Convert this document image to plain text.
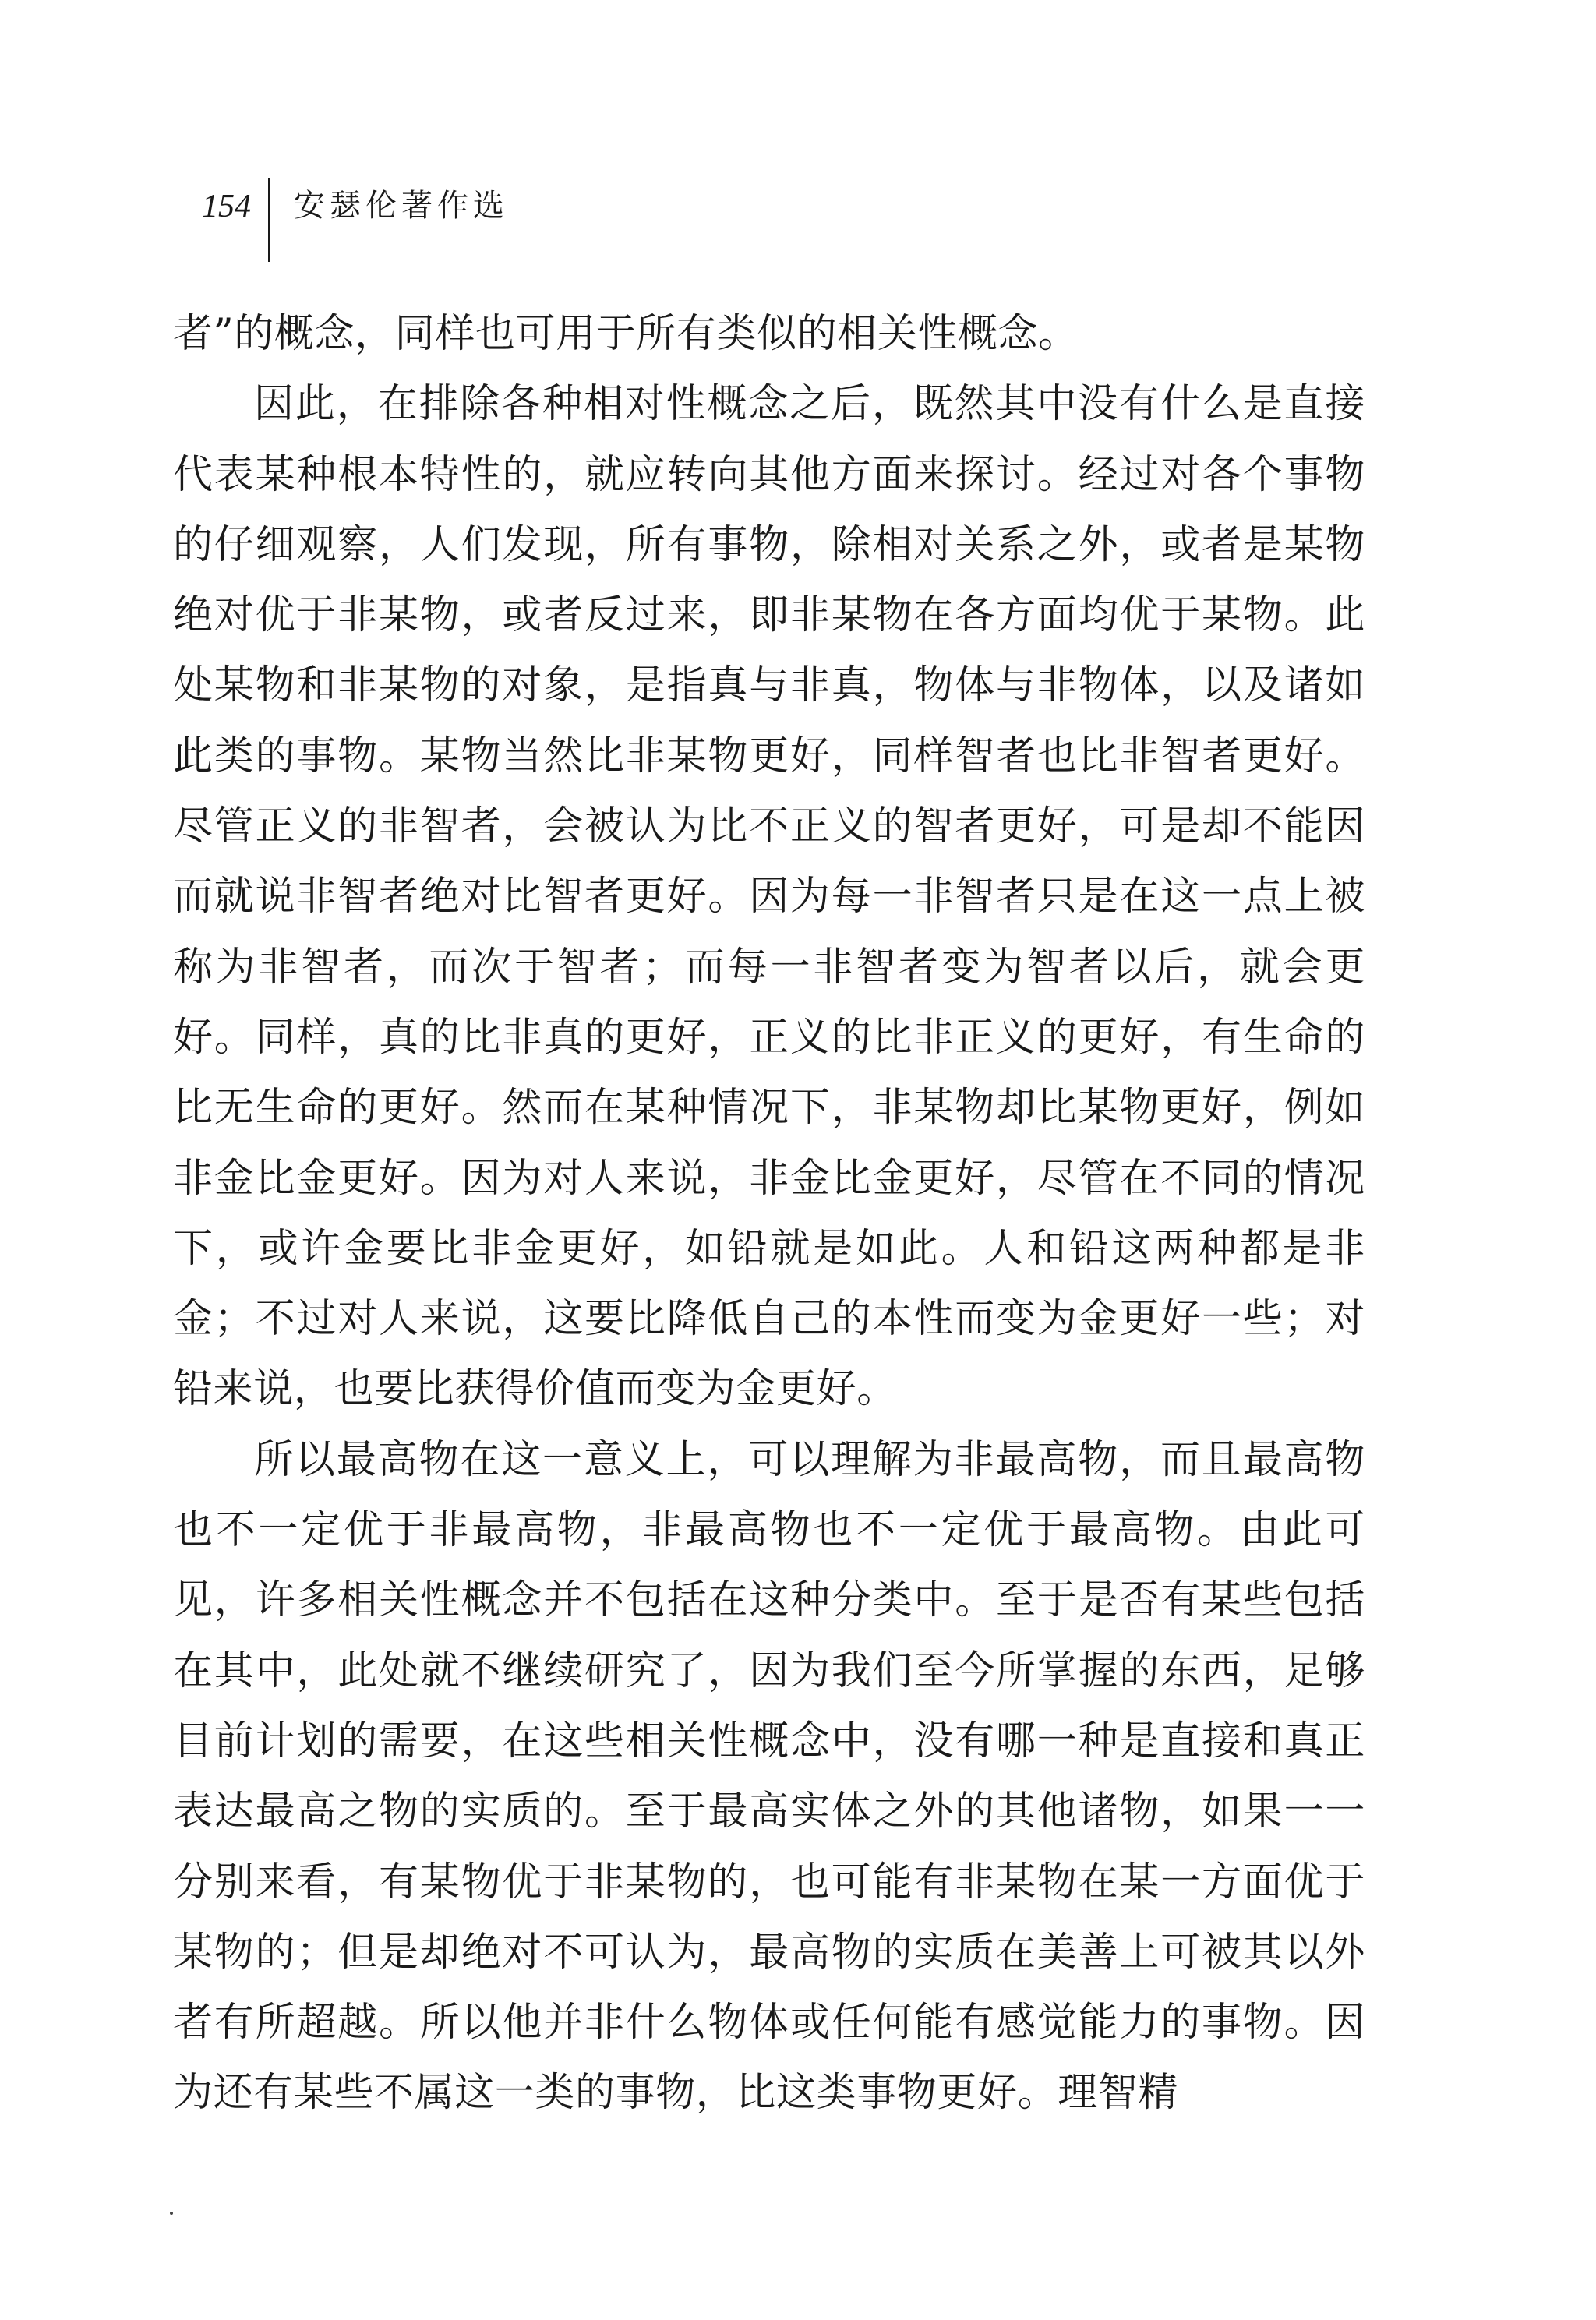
154 安瑟伦著作选

者”的概念，同样也可用于所有类似的相关性概念。

因此，在排除各种相对性概念之后，既然其中没有什么是直接代表某种根本特性的，就应转向其他方面来探讨。经过对各个事物的仔细观察，人们发现，所有事物，除相对关系之外，或者是某物绝对优于非某物，或者反过来，即非某物在各方面均优于某物。此处某物和非某物的对象，是指真与非真，物体与非物体，以及诸如此类的事物。某物当然比非某物更好，同样智者也比非智者更好。尽管正义的非智者，会被认为比不正义的智者更好，可是却不能因而就说非智者绝对比智者更好。因为每一非智者只是在这一点上被称为非智者，而次于智者；而每一非智者变为智者以后，就会更好。同样，真的比非真的更好，正义的比非正义的更好，有生命的比无生命的更好。然而在某种情况下，非某物却比某物更好，例如非金比金更好。因为对人来说，非金比金更好，尽管在不同的情况下，或许金要比非金更好，如铅就是如此。人和铅这两种都是非金；不过对人来说，这要比降低自己的本性而变为金更好一些；对铅来说，也要比获得价值而变为金更好。

所以最高物在这一意义上，可以理解为非最高物，而且最高物也不一定优于非最高物，非最高物也不一定优于最高物。由此可见，许多相关性概念并不包括在这种分类中。至于是否有某些包括在其中，此处就不继续研究了，因为我们至今所掌握的东西，足够目前计划的需要，在这些相关性概念中，没有哪一种是直接和真正表达最高之物的实质的。至于最高实体之外的其他诸物，如果一一分别来看，有某物优于非某物的，也可能有非某物在某一方面优于某物的；但是却绝对不可认为，最高物的实质在美善上可被其以外者有所超越。所以他并非什么物体或任何能有感觉能力的事物。因为还有某些不属这一类的事物，比这类事物更好。理智精
